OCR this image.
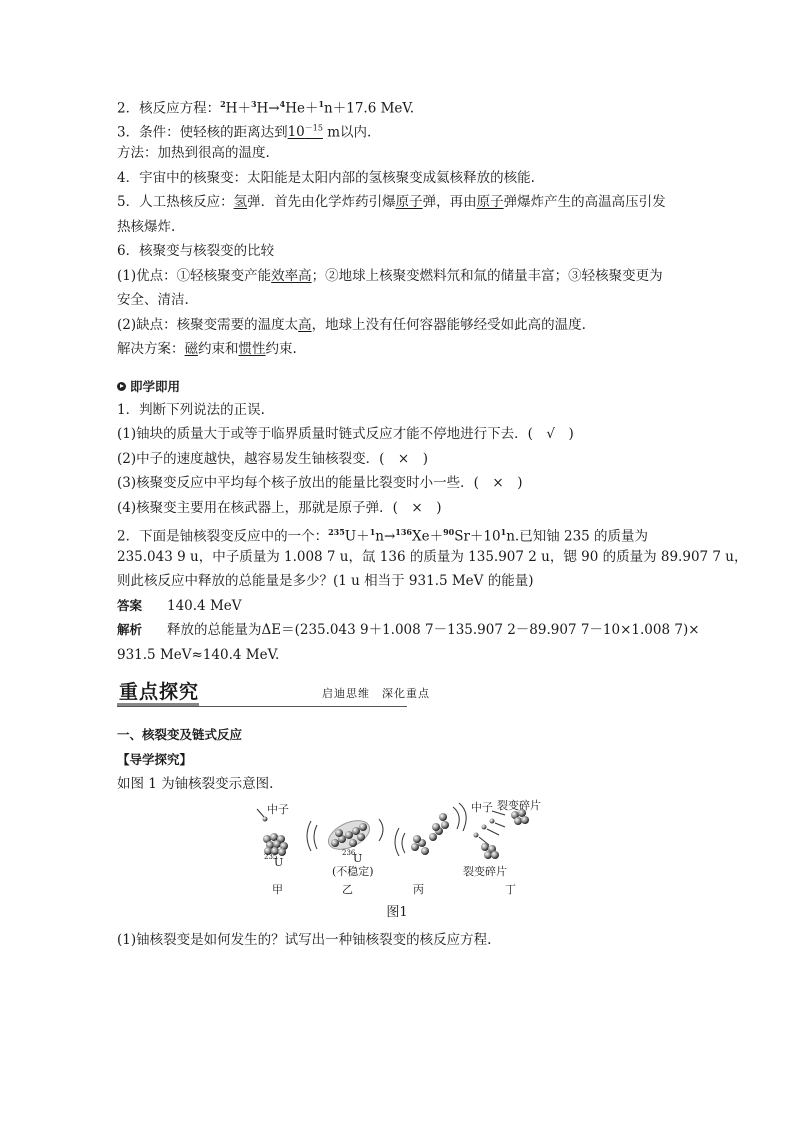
2．核反应方程：$^2$H＋$^3$H→$^4$He＋$^1$n＋17.6 MeV.
3．条件：使轻核的距离达到$10^{-15}$ m以内.
方法：加热到很高的温度.
4．宇宙中的核聚变：太阳能是太阳内部的氢核聚变成氦核释放的核能.
5．人工热核反应：氢弹．首先由化学炸药引爆原子弹，再由原子弹爆炸产生的高温高压引发
热核爆炸.
6．核聚变与核裂变的比较
(1)优点：①轻核聚变产能效率高；②地球上核聚变燃料氘和氚的储量丰富；③轻核聚变更为
安全、清洁.
(2)缺点：核聚变需要的温度太高，地球上没有任何容器能够经受如此高的温度.
解决方案：磁约束和惯性约束.
即学即用
1．判断下列说法的正误.
(1)铀块的质量大于或等于临界质量时链式反应才能不停地进行下去．(　√　)
(2)中子的速度越快，越容易发生铀核裂变．(　×　)
(3)核聚变反应中平均每个核子放出的能量比裂变时小一些．(　×　)
(4)核聚变主要用在核武器上，那就是原子弹．(　×　)
2．下面是铀核裂变反应中的一个：$^{235}U+^1n\to^{136}Xe+^{90}Sr+10^1n$.已知铀 235 的质量为
235.043 9 u，中子质量为 1.008 7 u，氙 136 的质量为 135.907 2 u，锶 90 的质量为 89.907 7 u，
则此核反应中释放的总能量是多少？(1 u 相当于 931.5 MeV 的能量)
答案 140.4 MeV
解析 释放的总能量为ΔE＝(235.043 9＋1.008 7－135.907 2－89.907 7－10×1.008 7)×
931.5 MeV≈140.4 MeV.
重点探究	启迪思维　深化重点
一、核裂变及链式反应
【导学探究】
如图 1 为铀核裂变示意图.
中子
235
U
236
U
(不稳定)
中子 裂变碎片
裂变碎片
甲	乙	丙	丁
图1
(1)铀核裂变是如何发生的？试写出一种铀核裂变的核反应方程.
